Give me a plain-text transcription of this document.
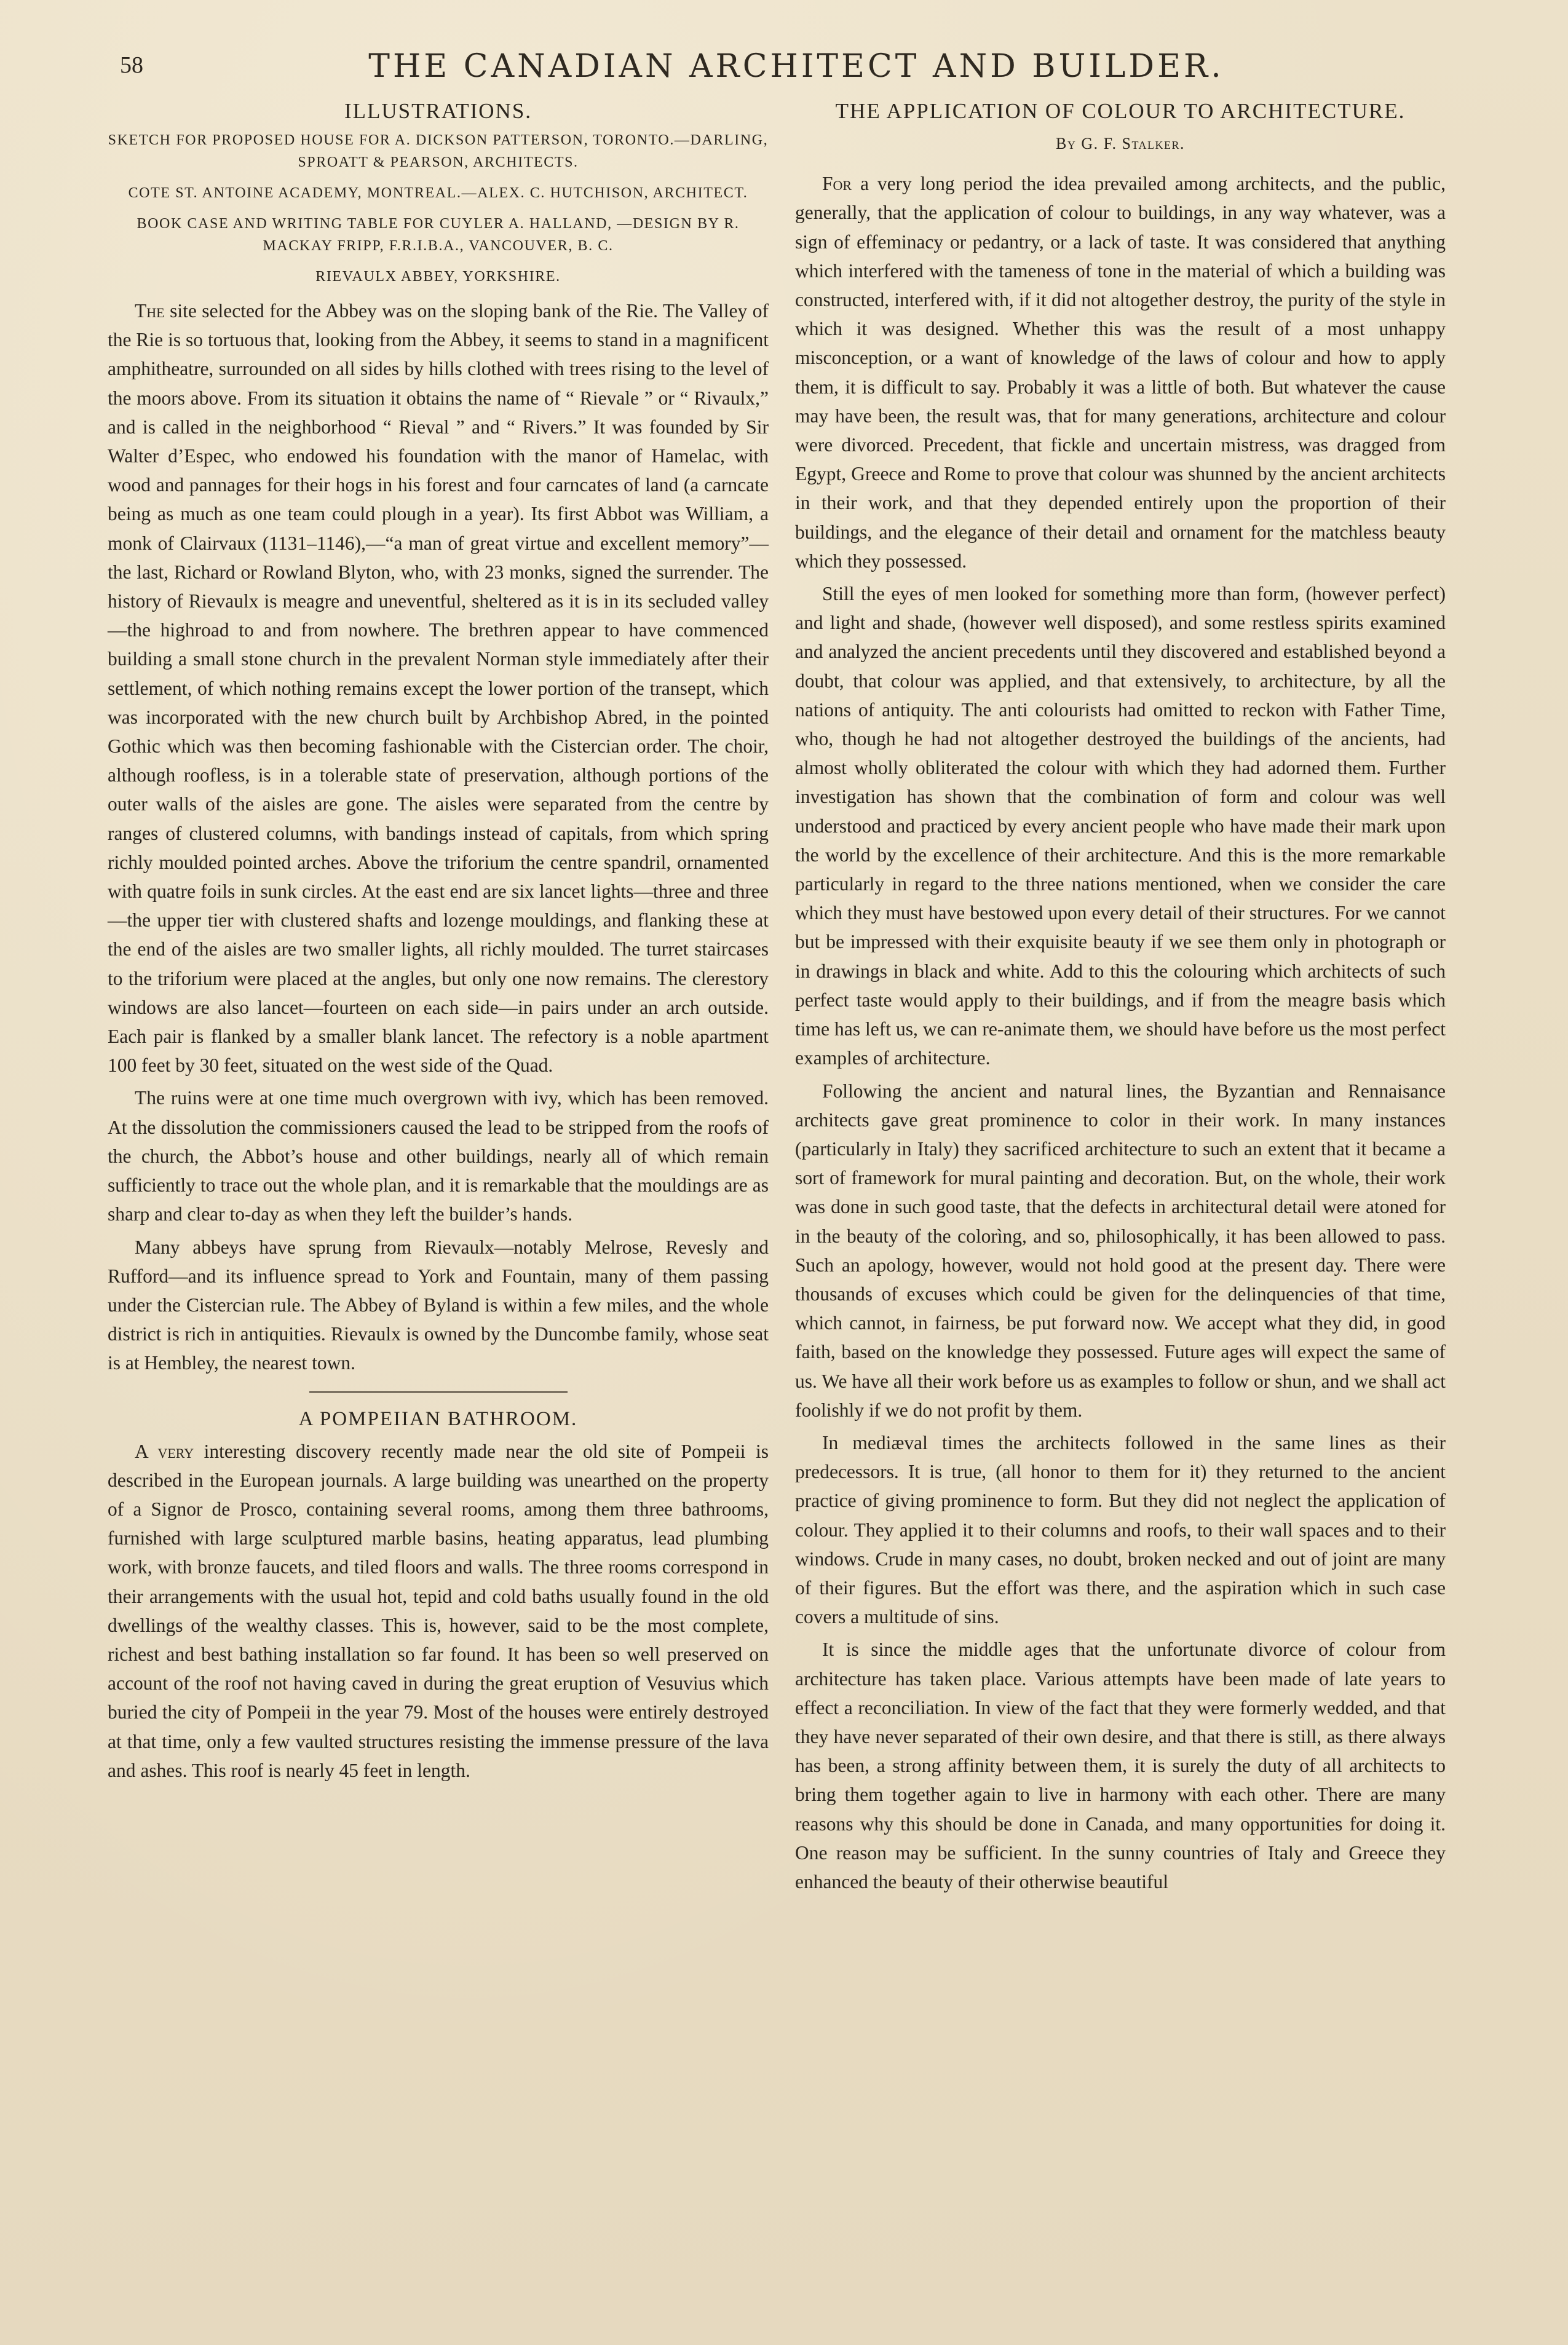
58	THE CANADIAN ARCHITECT AND BUILDER.
ILLUSTRATIONS.
SKETCH FOR PROPOSED HOUSE FOR A. DICKSON PATTERSON, TORONTO.—DARLING, SPROATT & PEARSON, ARCHITECTS.
COTE ST. ANTOINE ACADEMY, MONTREAL.—ALEX. C. HUTCHISON, ARCHITECT.
BOOK CASE AND WRITING TABLE FOR CUYLER A. HALLAND, —DESIGN BY R. MACKAY FRIPP, F.R.I.B.A., VANCOUVER, B. C.
RIEVAULX ABBEY, YORKSHIRE.

The site selected for the Abbey was on the sloping bank of the Rie. The Valley of the Rie is so tortuous that, looking from the Abbey, it seems to stand in a magnificent amphitheatre, surrounded on all sides by hills clothed with trees rising to the level of the moors above. From its situation it obtains the name of “ Rievale ” or “ Rivaulx,” and is called in the neighborhood “ Rieval ” and “ Rivers.” It was founded by Sir Walter d’Espec, who endowed his foundation with the manor of Hamelac, with wood and pannages for their hogs in his forest and four carncates of land (a carncate being as much as one team could plough in a year). Its first Abbot was William, a monk of Clairvaux (1131–1146),—“a man of great virtue and excellent memory”—the last, Richard or Rowland Blyton, who, with 23 monks, signed the surrender. The history of Rievaulx is meagre and uneventful, sheltered as it is in its secluded valley—the highroad to and from nowhere. The brethren appear to have commenced building a small stone church in the prevalent Norman style immediately after their settlement, of which nothing remains except the lower portion of the transept, which was incorporated with the new church built by Archbishop Abred, in the pointed Gothic which was then becoming fashionable with the Cistercian order. The choir, although roofless, is in a tolerable state of preservation, although portions of the outer walls of the aisles are gone. The aisles were separated from the centre by ranges of clustered columns, with bandings instead of capitals, from which spring richly moulded pointed arches. Above the triforium the centre spandril, ornamented with quatre foils in sunk circles. At the east end are six lancet lights—three and three—the upper tier with clustered shafts and lozenge mouldings, and flanking these at the end of the aisles are two smaller lights, all richly moulded. The turret staircases to the triforium were placed at the angles, but only one now remains. The clerestory windows are also lancet—fourteen on each side—in pairs under an arch outside. Each pair is flanked by a smaller blank lancet. The refectory is a noble apartment 100 feet by 30 feet, situated on the west side of the Quad.

The ruins were at one time much overgrown with ivy, which has been removed. At the dissolution the commissioners caused the lead to be stripped from the roofs of the church, the Abbot’s house and other buildings, nearly all of which remain sufficiently to trace out the whole plan, and it is remarkable that the mouldings are as sharp and clear to-day as when they left the builder’s hands.

Many abbeys have sprung from Rievaulx—notably Melrose, Revesly and Rufford—and its influence spread to York and Fountain, many of them passing under the Cistercian rule. The Abbey of Byland is within a few miles, and the whole district is rich in antiquities. Rievaulx is owned by the Duncombe family, whose seat is at Hembley, the nearest town.

A POMPEIIAN BATHROOM.

A very interesting discovery recently made near the old site of Pompeii is described in the European journals. A large building was unearthed on the property of a Signor de Prosco, containing several rooms, among them three bathrooms, furnished with large sculptured marble basins, heating apparatus, lead plumbing work, with bronze faucets, and tiled floors and walls. The three rooms correspond in their arrangements with the usual hot, tepid and cold baths usually found in the old dwellings of the wealthy classes. This is, however, said to be the most complete, richest and best bathing installation so far found. It has been so well preserved on account of the roof not having caved in during the great eruption of Vesuvius which buried the city of Pompeii in the year 79. Most of the houses were entirely destroyed at that time, only a few vaulted structures resisting the immense pressure of the lava and ashes. This roof is nearly 45 feet in length.

THE APPLICATION OF COLOUR TO ARCHITECTURE.
By G. F. Stalker.

For a very long period the idea prevailed among architects, and the public, generally, that the application of colour to buildings, in any way whatever, was a sign of effeminacy or pedantry, or a lack of taste. It was considered that anything which interfered with the tameness of tone in the material of which a building was constructed, interfered with, if it did not altogether destroy, the purity of the style in which it was designed. Whether this was the result of a most unhappy misconception, or a want of knowledge of the laws of colour and how to apply them, it is difficult to say. Probably it was a little of both. But whatever the cause may have been, the result was, that for many generations, architecture and colour were divorced. Precedent, that fickle and uncertain mistress, was dragged from Egypt, Greece and Rome to prove that colour was shunned by the ancient architects in their work, and that they depended entirely upon the proportion of their buildings, and the elegance of their detail and ornament for the matchless beauty which they possessed.

Still the eyes of men looked for something more than form, (however perfect) and light and shade, (however well disposed), and some restless spirits examined and analyzed the ancient precedents until they discovered and established beyond a doubt, that colour was applied, and that extensively, to architecture, by all the nations of antiquity. The anti colourists had omitted to reckon with Father Time, who, though he had not altogether destroyed the buildings of the ancients, had almost wholly obliterated the colour with which they had adorned them. Further investigation has shown that the combination of form and colour was well understood and practiced by every ancient people who have made their mark upon the world by the excellence of their architecture. And this is the more remarkable particularly in regard to the three nations mentioned, when we consider the care which they must have bestowed upon every detail of their structures. For we cannot but be impressed with their exquisite beauty if we see them only in photograph or in drawings in black and white. Add to this the colouring which architects of such perfect taste would apply to their buildings, and if from the meagre basis which time has left us, we can re-animate them, we should have before us the most perfect examples of architecture.

Following the ancient and natural lines, the Byzantian and Rennaisance architects gave great prominence to color in their work. In many instances (particularly in Italy) they sacrificed architecture to such an extent that it became a sort of framework for mural painting and decoration. But, on the whole, their work was done in such good taste, that the defects in architectural detail were atoned for in the beauty of the colorìng, and so, philosophically, it has been allowed to pass. Such an apology, however, would not hold good at the present day. There were thousands of excuses which could be given for the delinquencies of that time, which cannot, in fairness, be put forward now. We accept what they did, in good faith, based on the knowledge they possessed. Future ages will expect the same of us. We have all their work before us as examples to follow or shun, and we shall act foolishly if we do not profit by them.

In mediæval times the architects followed in the same lines as their predecessors. It is true, (all honor to them for it) they returned to the ancient practice of giving prominence to form. But they did not neglect the application of colour. They applied it to their columns and roofs, to their wall spaces and to their windows. Crude in many cases, no doubt, broken necked and out of joint are many of their figures. But the effort was there, and the aspiration which in such case covers a multitude of sins.

It is since the middle ages that the unfortunate divorce of colour from architecture has taken place. Various attempts have been made of late years to effect a reconciliation. In view of the fact that they were formerly wedded, and that they have never separated of their own desire, and that there is still, as there always has been, a strong affinity between them, it is surely the duty of all architects to bring them together again to live in harmony with each other. There are many reasons why this should be done in Canada, and many opportunities for doing it. One reason may be sufficient. In the sunny countries of Italy and Greece they enhanced the beauty of their otherwise beautiful
